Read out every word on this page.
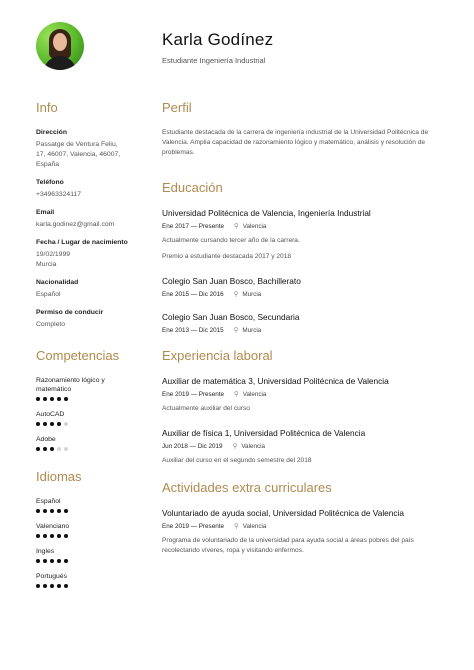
Karla Godínez
Estudiante Ingeniería Industrial
Info
Dirección
Passatge de Ventura Feliu,
17, 46007, Valencia, 46007,
España
Teléfono
+34963324117
Email
karla.godinez@gmail.com
Fecha / Lugar de nacimiento
19/02/1999
Murcia
Nacionalidad
Español
Permiso de conducir
Completo
Competencias
Razonamiento lógico y matemático
AutoCAD
Adobe
Idiomas
Español
Valenciano
Ingles
Portugués
Perfil

Estudiante destacada de la carrera de ingeniería industrial de la Universidad Politécnica de Valencia. Amplia capacidad de razonamiento lógico y matemático, análisis y resolución de problemas.

Educación
Universidad Politécnica de Valencia, Ingeniería Industrial
Ene 2017 — Presente ⚲ Valencia
Actualmente cursando tercer año de la carrera.
Premio a estudiante destacada 2017 y 2018
Colegio San Juan Bosco, Bachillerato
Ene 2015 — Dic 2016 ⚲ Murcia
Colegio San Juan Bosco, Secundaria
Ene 2013 — Dic 2015 ⚲ Murcia
Experiencia laboral
Auxiliar de matemática 3, Universidad Politécnica de Valencia
Ene 2019 — Presente ⚲ Valencia
Actualmente auxiliar del curso
Auxiliar de física 1, Universidad Politécnica de Valencia
Jun 2018 — Dic 2019 ⚲ Valencia
Auxiliar del curso en el segundo semestre del 2018
Actividades extra curriculares
Voluntariado de ayuda social, Universidad Politécnica de Valencia
Ene 2019 — Presente ⚲ Valencia
Programa de voluntariado de la universidad para ayuda social a áreas pobres del país recolectando víveres, ropa y visitando enfermos.
